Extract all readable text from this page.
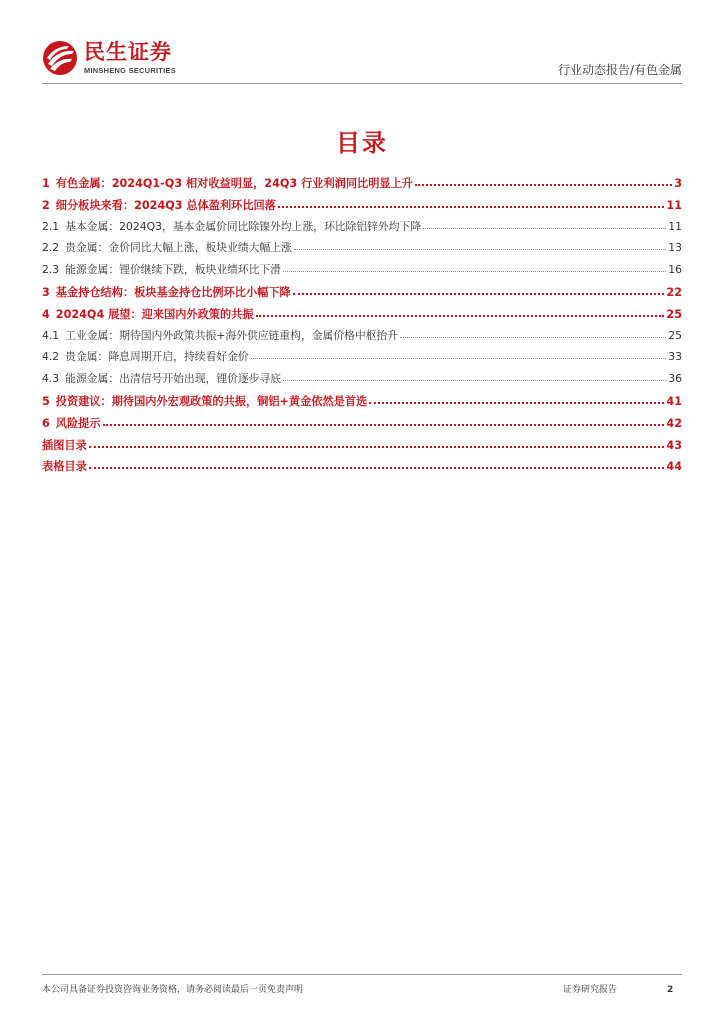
民生证券
MINSHENG SECURITIES	行业动态报告/有色金属
目录
1 有色金属：2024Q1-Q3 相对收益明显，24Q3 行业利润同比明显上升	3
2 细分板块来看：2024Q3 总体盈利环比回落	11
2.1 基本金属：2024Q3，基本金属价同比除镍外均上涨，环比除铝锌外均下降	11
2.2 贵金属：金价同比大幅上涨，板块业绩大幅上涨	13
2.3 能源金属：锂价继续下跌，板块业绩环比下滑	16
3 基金持仓结构：板块基金持仓比例环比小幅下降	22
4 2024Q4 展望：迎来国内外政策的共振	25
4.1 工业金属：期待国内外政策共振+海外供应链重构，金属价格中枢抬升	25
4.2 贵金属：降息周期开启，持续看好金价	33
4.3 能源金属：出清信号开始出现，锂价逐步寻底	36
5 投资建议：期待国内外宏观政策的共振，铜铝+黄金依然是首选	41
6 风险提示	42
插图目录	43
表格目录	44
本公司具备证券投资咨询业务资格，请务必阅读最后一页免责声明	证券研究报告	2
